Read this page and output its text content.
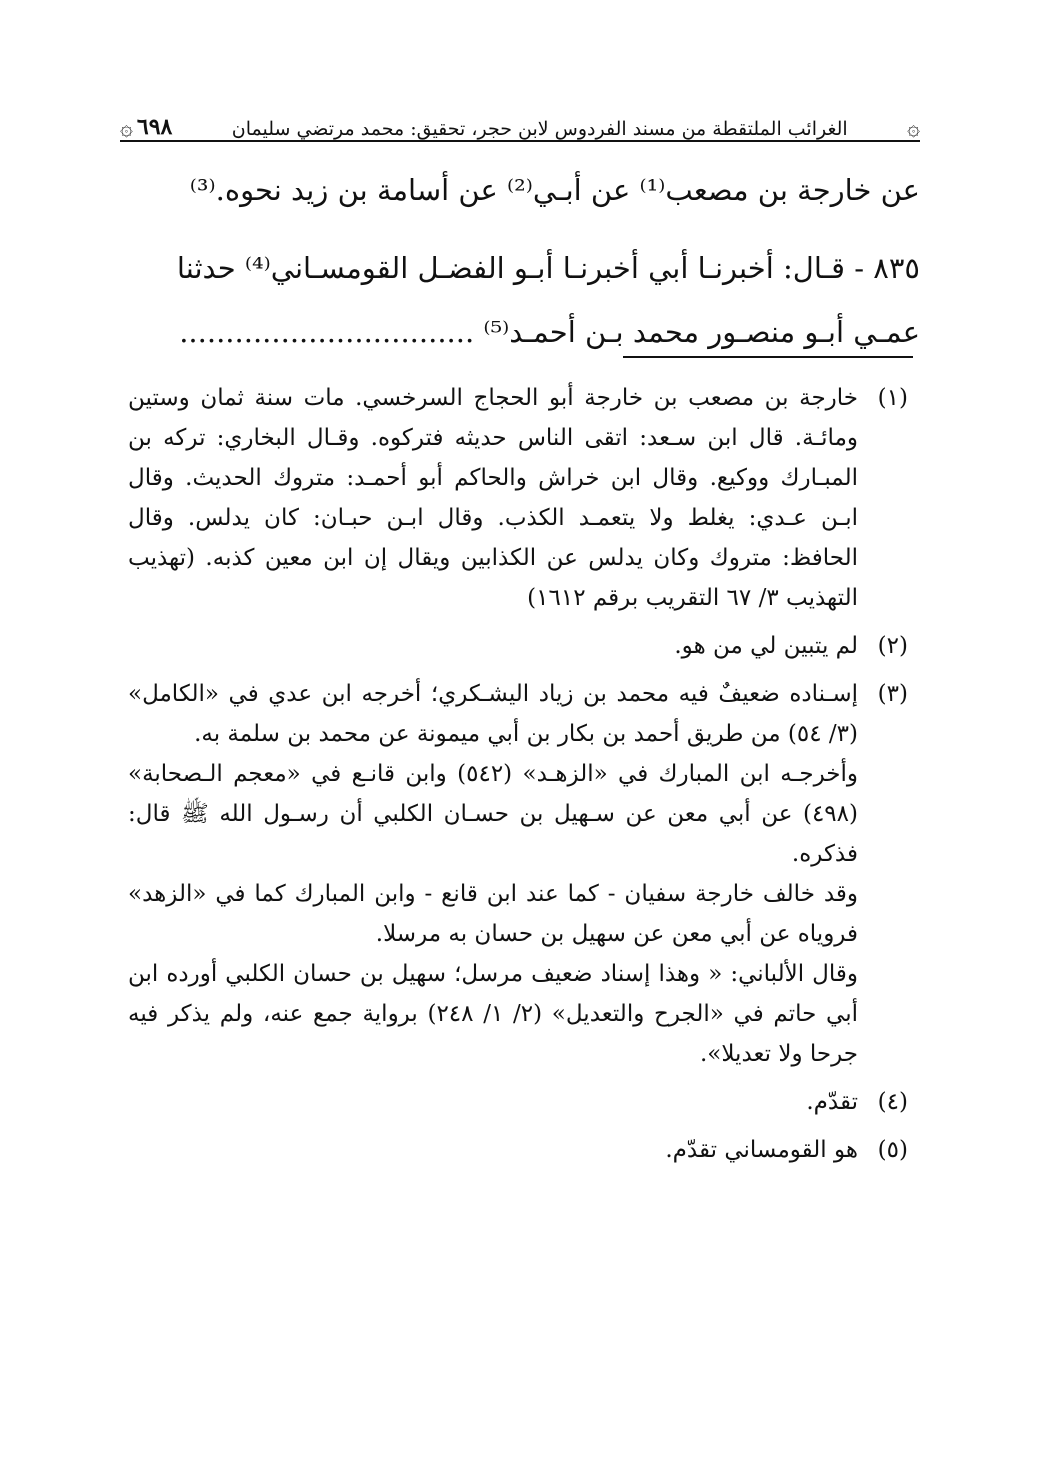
۞
الغرائب الملتقطة من مسند الفردوس لابن حجر، تحقيق: محمد مرتضي سليمان
٦٩٨
۞

عن خارجة بن مصعب⁽¹⁾ عن أبـي⁽²⁾ عن أسامة بن زيد نحوه.⁽³⁾

٨٣٥ - قـال: أخبرنـا أبي أخبرنـا أبـو الفضـل القومسـاني⁽⁴⁾ حدثنا

عمـي أبـو منصـور محمد بـن أحمـد⁽⁵⁾ ................................

(١)

خارجة بن مصعب بن خارجة أبو الحجاج السرخسي. مات سنة ثمان وستين ومائـة. قال ابن سـعد: اتقى الناس حديثه فتركوه. وقـال البخاري: تركه بن المبـارك ووكيع. وقال ابن خراش والحاكم أبو أحمـد: متروك الحديث. وقال ابـن عـدي: يغلط ولا يتعمـد الكذب. وقال ابـن حبـان: كان يدلس. وقال الحافظ: متروك وكان يدلس عن الكذابين ويقال إن ابن معين كذبه. (تهذيب التهذيب ٣/ ٦٧ التقريب برقم ١٦١٢)

(٢)

لم يتبين لي من هو.

(٣)

إسـناده ضعيفٌ فيه محمد بن زياد اليشـكري؛ أخرجه ابن عدي في «الكامل» (٣/ ٥٤) من طريق أحمد بن بكار بن أبي ميمونة عن محمد بن سلمة به.

وأخرجـه ابن المبارك في «الزهـد» (٥٤٢) وابن قانـع في «معجم الـصحابة» (٤٩٨) عن أبي معن عن سـهيل بن حسـان الكلبي أن رسـول الله ﷺ قال: فذكره.

وقد خالف خارجة سفيان - كما عند ابن قانع - وابن المبارك كما في «الزهد» فروياه عن أبي معن عن سهيل بن حسان به مرسلا.

وقال الألباني: « وهذا إسناد ضعيف مرسل؛ سهيل بن حسان الكلبي أورده ابن أبي حاتم في «الجرح والتعديل» (٢/ ١/ ٢٤٨) برواية جمع عنه، ولم يذكر فيه جرحا ولا تعديلا».

(٤)

تقدّم.

(٥)

هو القومساني تقدّم.
